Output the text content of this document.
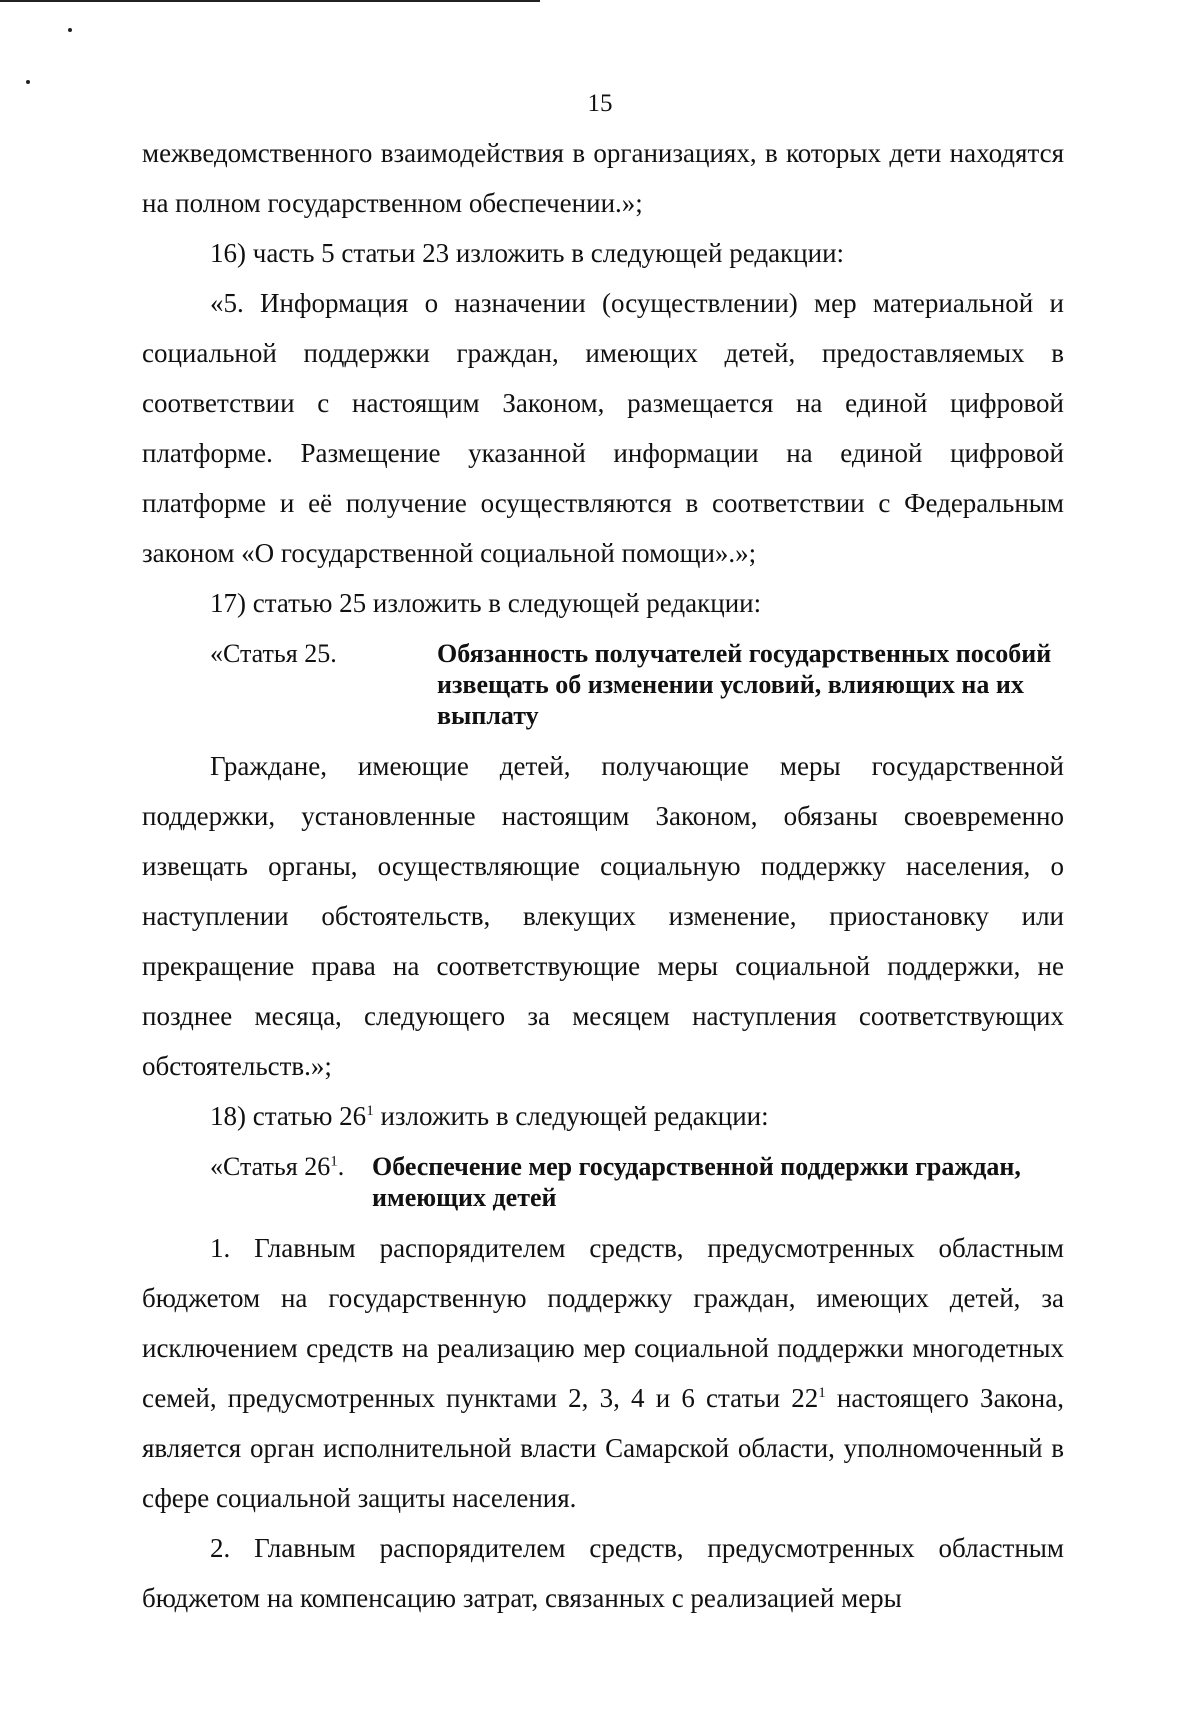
15

межведомственного взаимодействия в организациях, в которых дети находятся на полном государственном обеспечении.»;

16) часть 5 статьи 23 изложить в следующей редакции:

«5. Информация о назначении (осуществлении) мер материальной и социальной поддержки граждан, имеющих детей, предоставляемых в соответствии с настоящим Законом, размещается на единой цифровой платформе. Размещение указанной информации на единой цифровой платформе и её получение осуществляются в соответствии с Федеральным законом «О государственной социальной помощи».»;

17) статью 25 изложить в следующей редакции:

«Статья 25.	Обязанность получателей государственных пособий извещать об изменении условий, влияющих на их выплату

Граждане, имеющие детей, получающие меры государственной поддержки, установленные настоящим Законом, обязаны своевременно извещать органы, осуществляющие социальную поддержку населения, о наступлении обстоятельств, влекущих изменение, приостановку или прекращение права на соответствующие меры социальной поддержки, не позднее месяца, следующего за месяцем наступления соответствующих обстоятельств.»;

18) статью $26^1$ изложить в следующей редакции:

«Статья $26^1$. Обеспечение мер государственной поддержки граждан, имеющих детей

1. Главным распорядителем средств, предусмотренных областным бюджетом на государственную поддержку граждан, имеющих детей, за исключением средств на реализацию мер социальной поддержки многодетных семей, предусмотренных пунктами 2, 3, 4 и 6 статьи $22^1$ настоящего Закона, является орган исполнительной власти Самарской области, уполномоченный в сфере социальной защиты населения.

2. Главным распорядителем средств, предусмотренных областным бюджетом на компенсацию затрат, связанных с реализацией меры
